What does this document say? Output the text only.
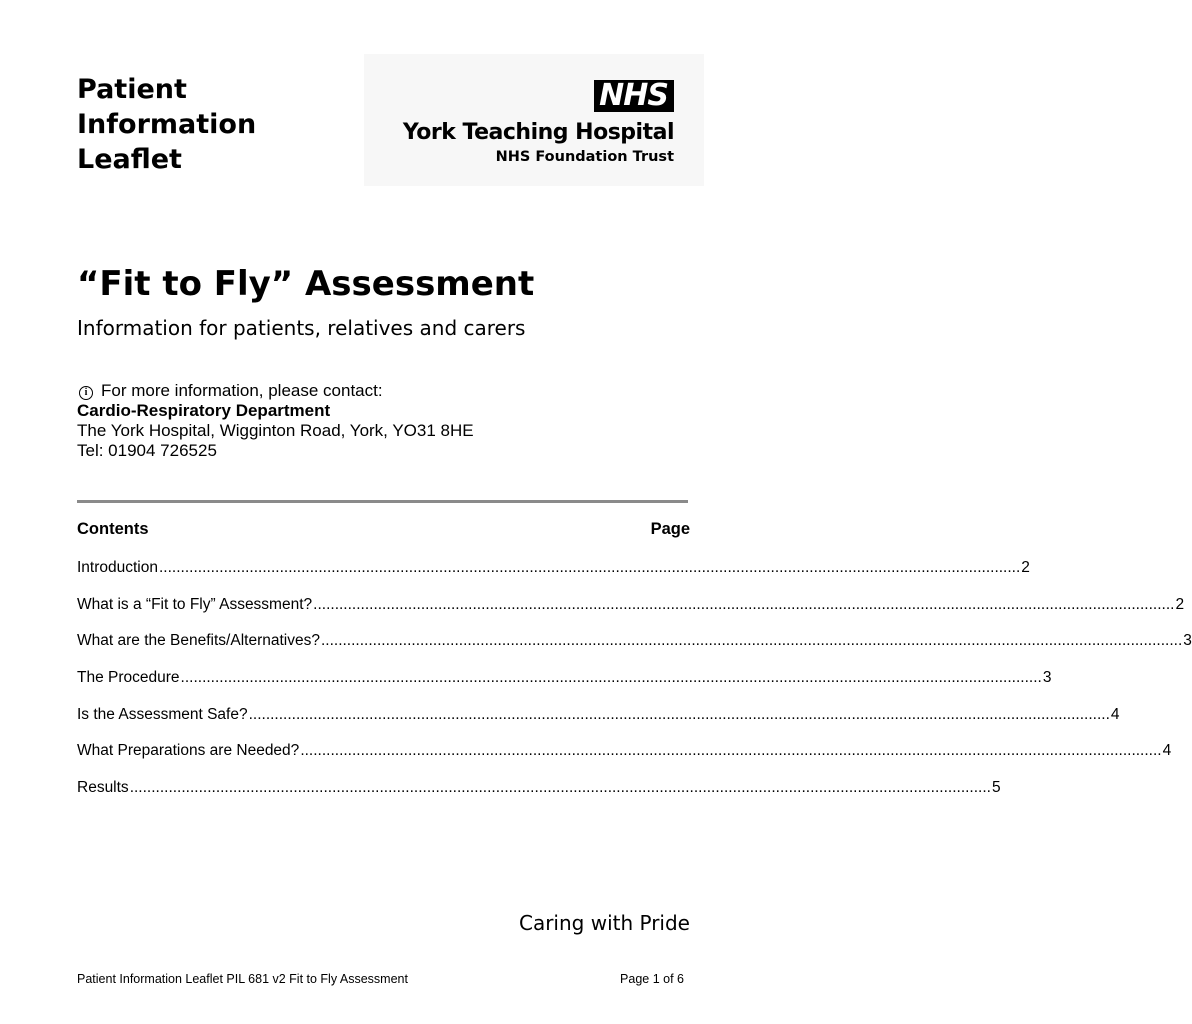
Patient
Information
Leaflet
NHS
York Teaching Hospital
NHS Foundation Trust
“Fit to Fly” Assessment
Information for patients, relatives and carers
i For more information, please contact:
Cardio-Respiratory Department
The York Hospital, Wigginton Road, York, YO31 8HE
Tel: 01904 726525
Contents	Page
Introduction ........................................................................................................................................................................................................ 2
What is a “Fit to Fly” Assessment? ........................................................................................................................................................................................................ 2
What are the Benefits/Alternatives? ........................................................................................................................................................................................................ 3
The Procedure ........................................................................................................................................................................................................ 3
Is the Assessment Safe? ........................................................................................................................................................................................................ 4
What Preparations are Needed? ........................................................................................................................................................................................................ 4
Results ........................................................................................................................................................................................................ 5
Caring with Pride
Patient Information Leaflet PIL 681 v2 Fit to Fly Assessment	Page 1 of 6
